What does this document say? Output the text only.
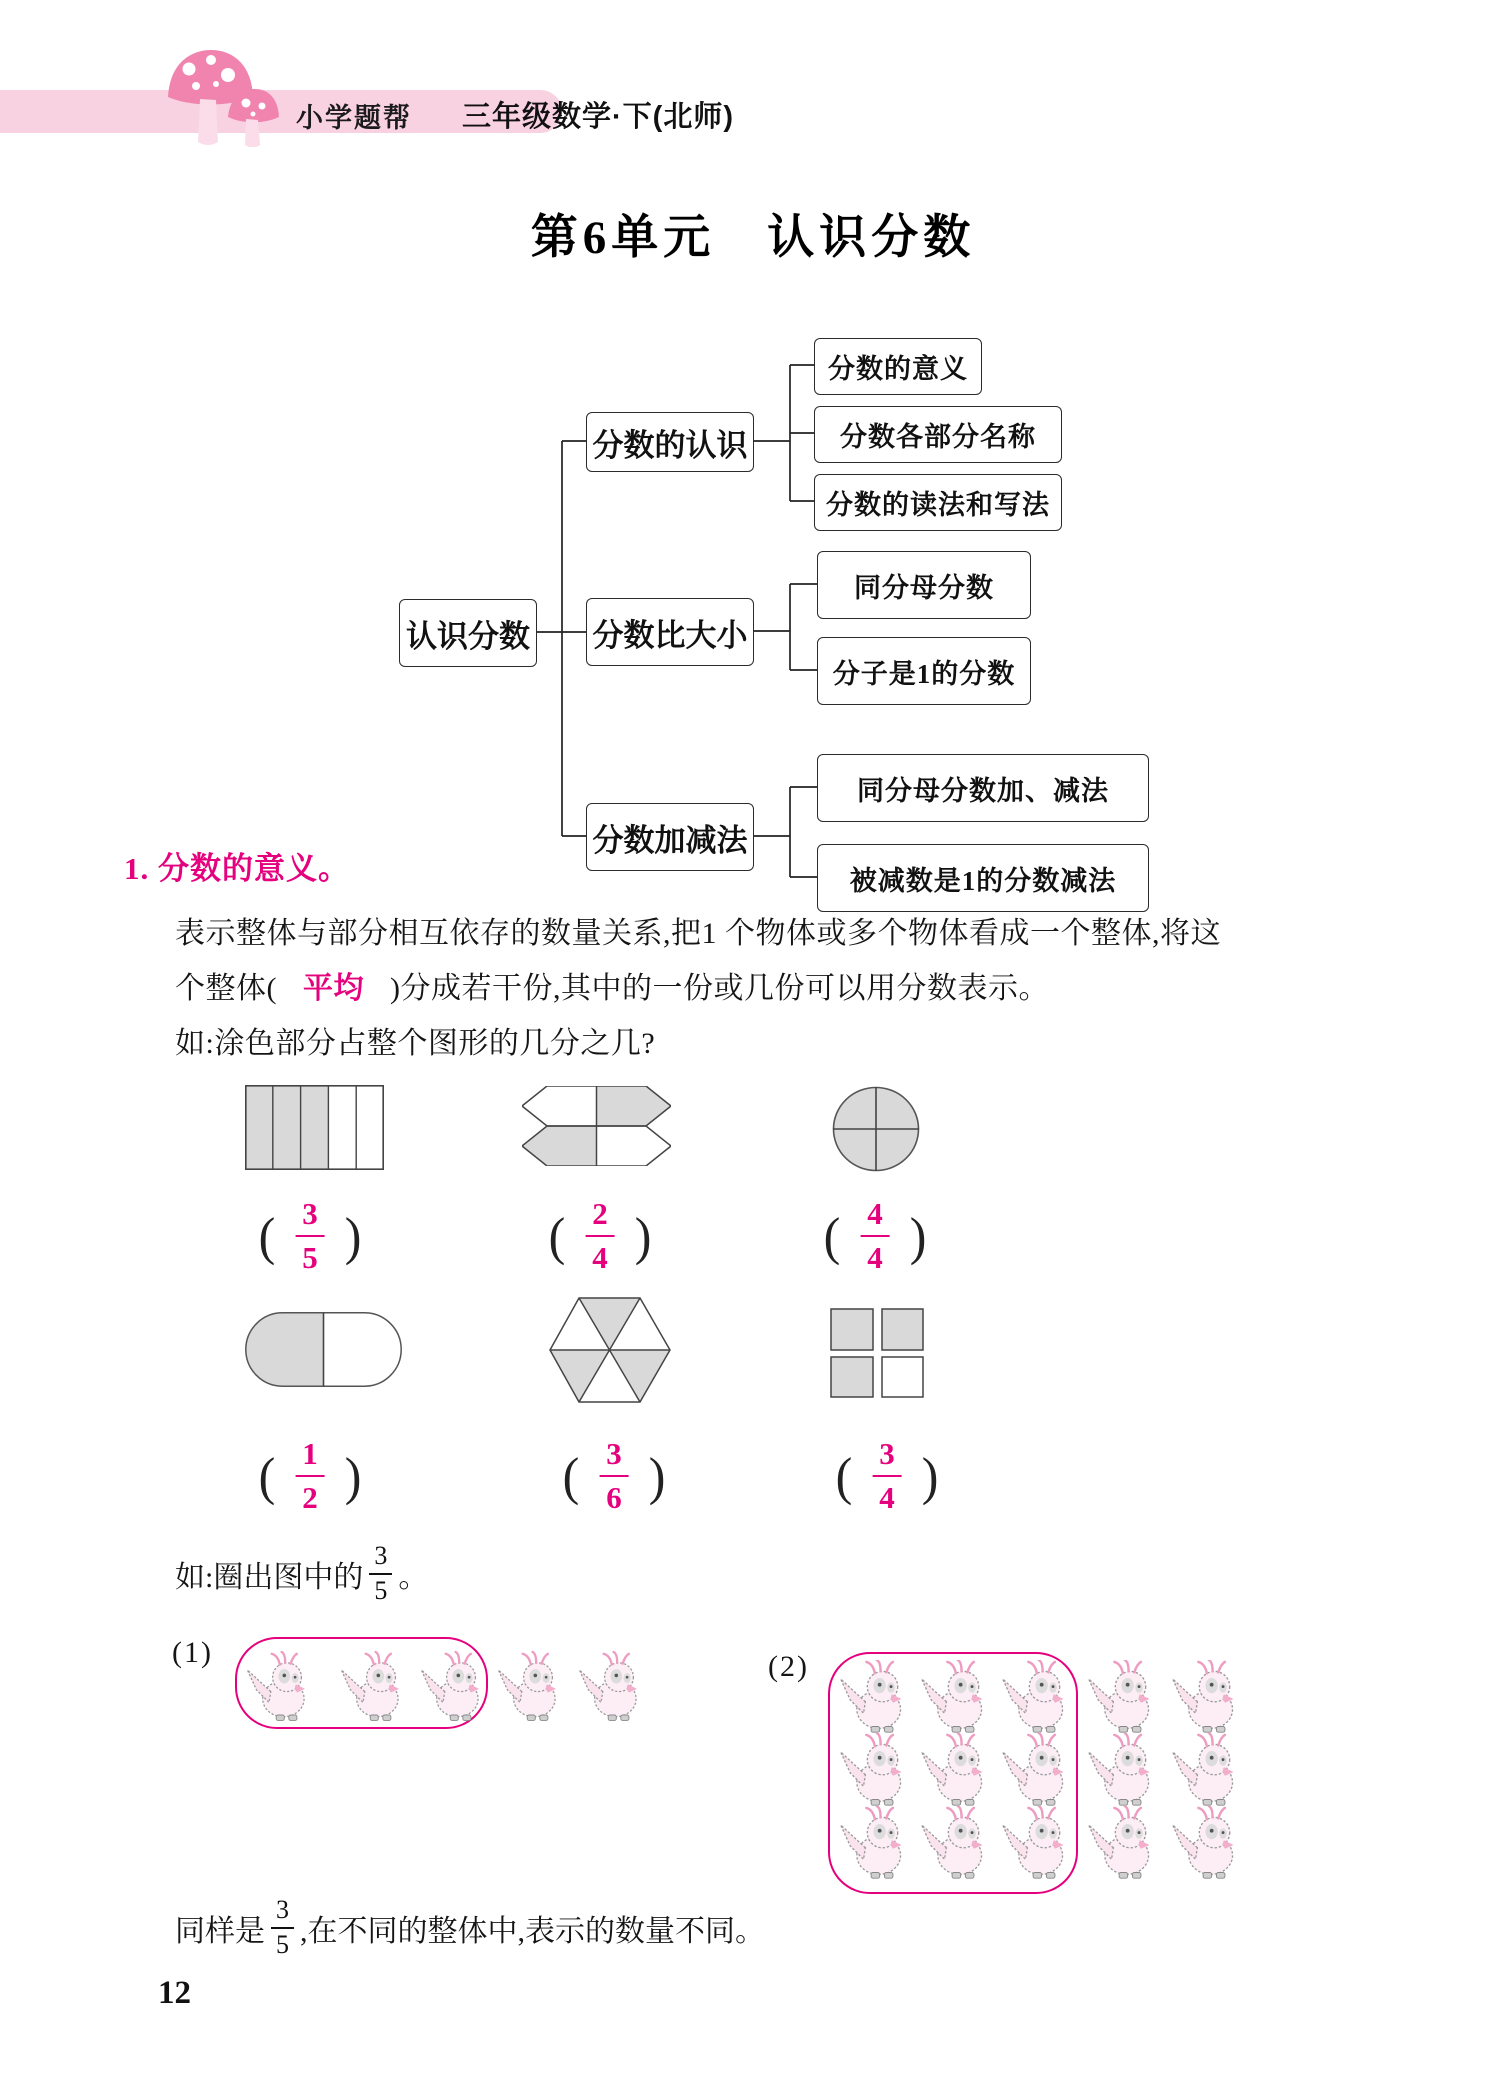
小学题帮 三年级数学·下(北师)
第6单元　认识分数
认识分数
分数的认识
分数比大小
分数加减法
分数的意义
分数各部分名称
分数的读法和写法
同分母分数
分子是1的分数
同分母分数加、减法
被减数是1的分数减法
1. 分数的意义。
表示整体与部分相互依存的数量关系,把1 个物体或多个物体看成一个整体,将这
个整体( 平均 )分成若干份,其中的一份或几份可以用分数表示。
如:涂色部分占整个图形的几分之几?
( $\frac{3}{5}$ )	( $\frac{2}{4}$ )	( $\frac{4}{4}$ )
( $\frac{1}{2}$ )	( $\frac{3}{6}$ )	( $\frac{3}{4}$ )
如:圈出图中的
3
5 。
(1)	(2)
同样是
3
5 ,在不同的整体中,表示的数量不同。
12
